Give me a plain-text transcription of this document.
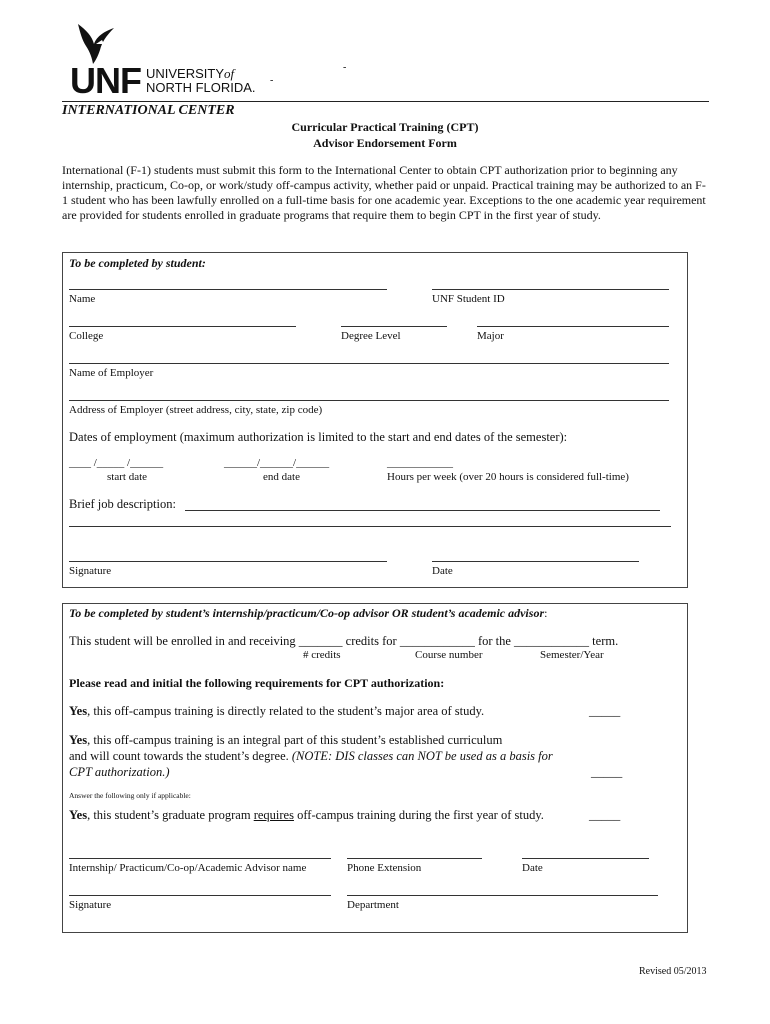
UNF UNIVERSITYof
NORTH FLORIDA.
-
-
INTERNATIONAL CENTER
Curricular Practical Training (CPT)
Advisor Endorsement Form
International (F-1) students must submit this form to the International Center to obtain CPT authorization prior to beginning any internship, practicum, Co-op, or work/study off-campus activity, whether paid or unpaid. Practical training may be authorized to an F-1 student who has been lawfully enrolled on a full-time basis for one academic year. Exceptions to the one academic year requirement are provided for students enrolled in graduate programs that require them to begin CPT in the first year of study.
To be completed by student:
Name	UNF Student ID
College	Degree Level	Major
Name of Employer
Address of Employer (street address, city, state, zip code)
Dates of employment (maximum authorization is limited to the start and end dates of the semester):
____ /_____ /______	______/______/______	____________
start date	end date	Hours per week (over 20 hours is considered full-time)
Brief job description:
Signature	Date
To be completed by student’s internship/practicum/Co-op advisor OR student’s academic advisor:
This student will be enrolled in and receiving _______ credits for ____________ for the ____________ term.
# credits	Course number	Semester/Year
Please read and initial the following requirements for CPT authorization:
Yes, this off-campus training is directly related to the student’s major area of study.	_____
Yes, this off-campus training is an integral part of this student’s established curriculum
and will count towards the student’s degree. (NOTE: DIS classes can NOT be used as a basis for
CPT authorization.)	_____
Answer the following only if applicable:
Yes, this student’s graduate program requires off-campus training during the first year of study.	_____
Internship/ Practicum/Co-op/Academic Advisor name	Phone Extension	Date
Signature	Department
Revised 05/2013
